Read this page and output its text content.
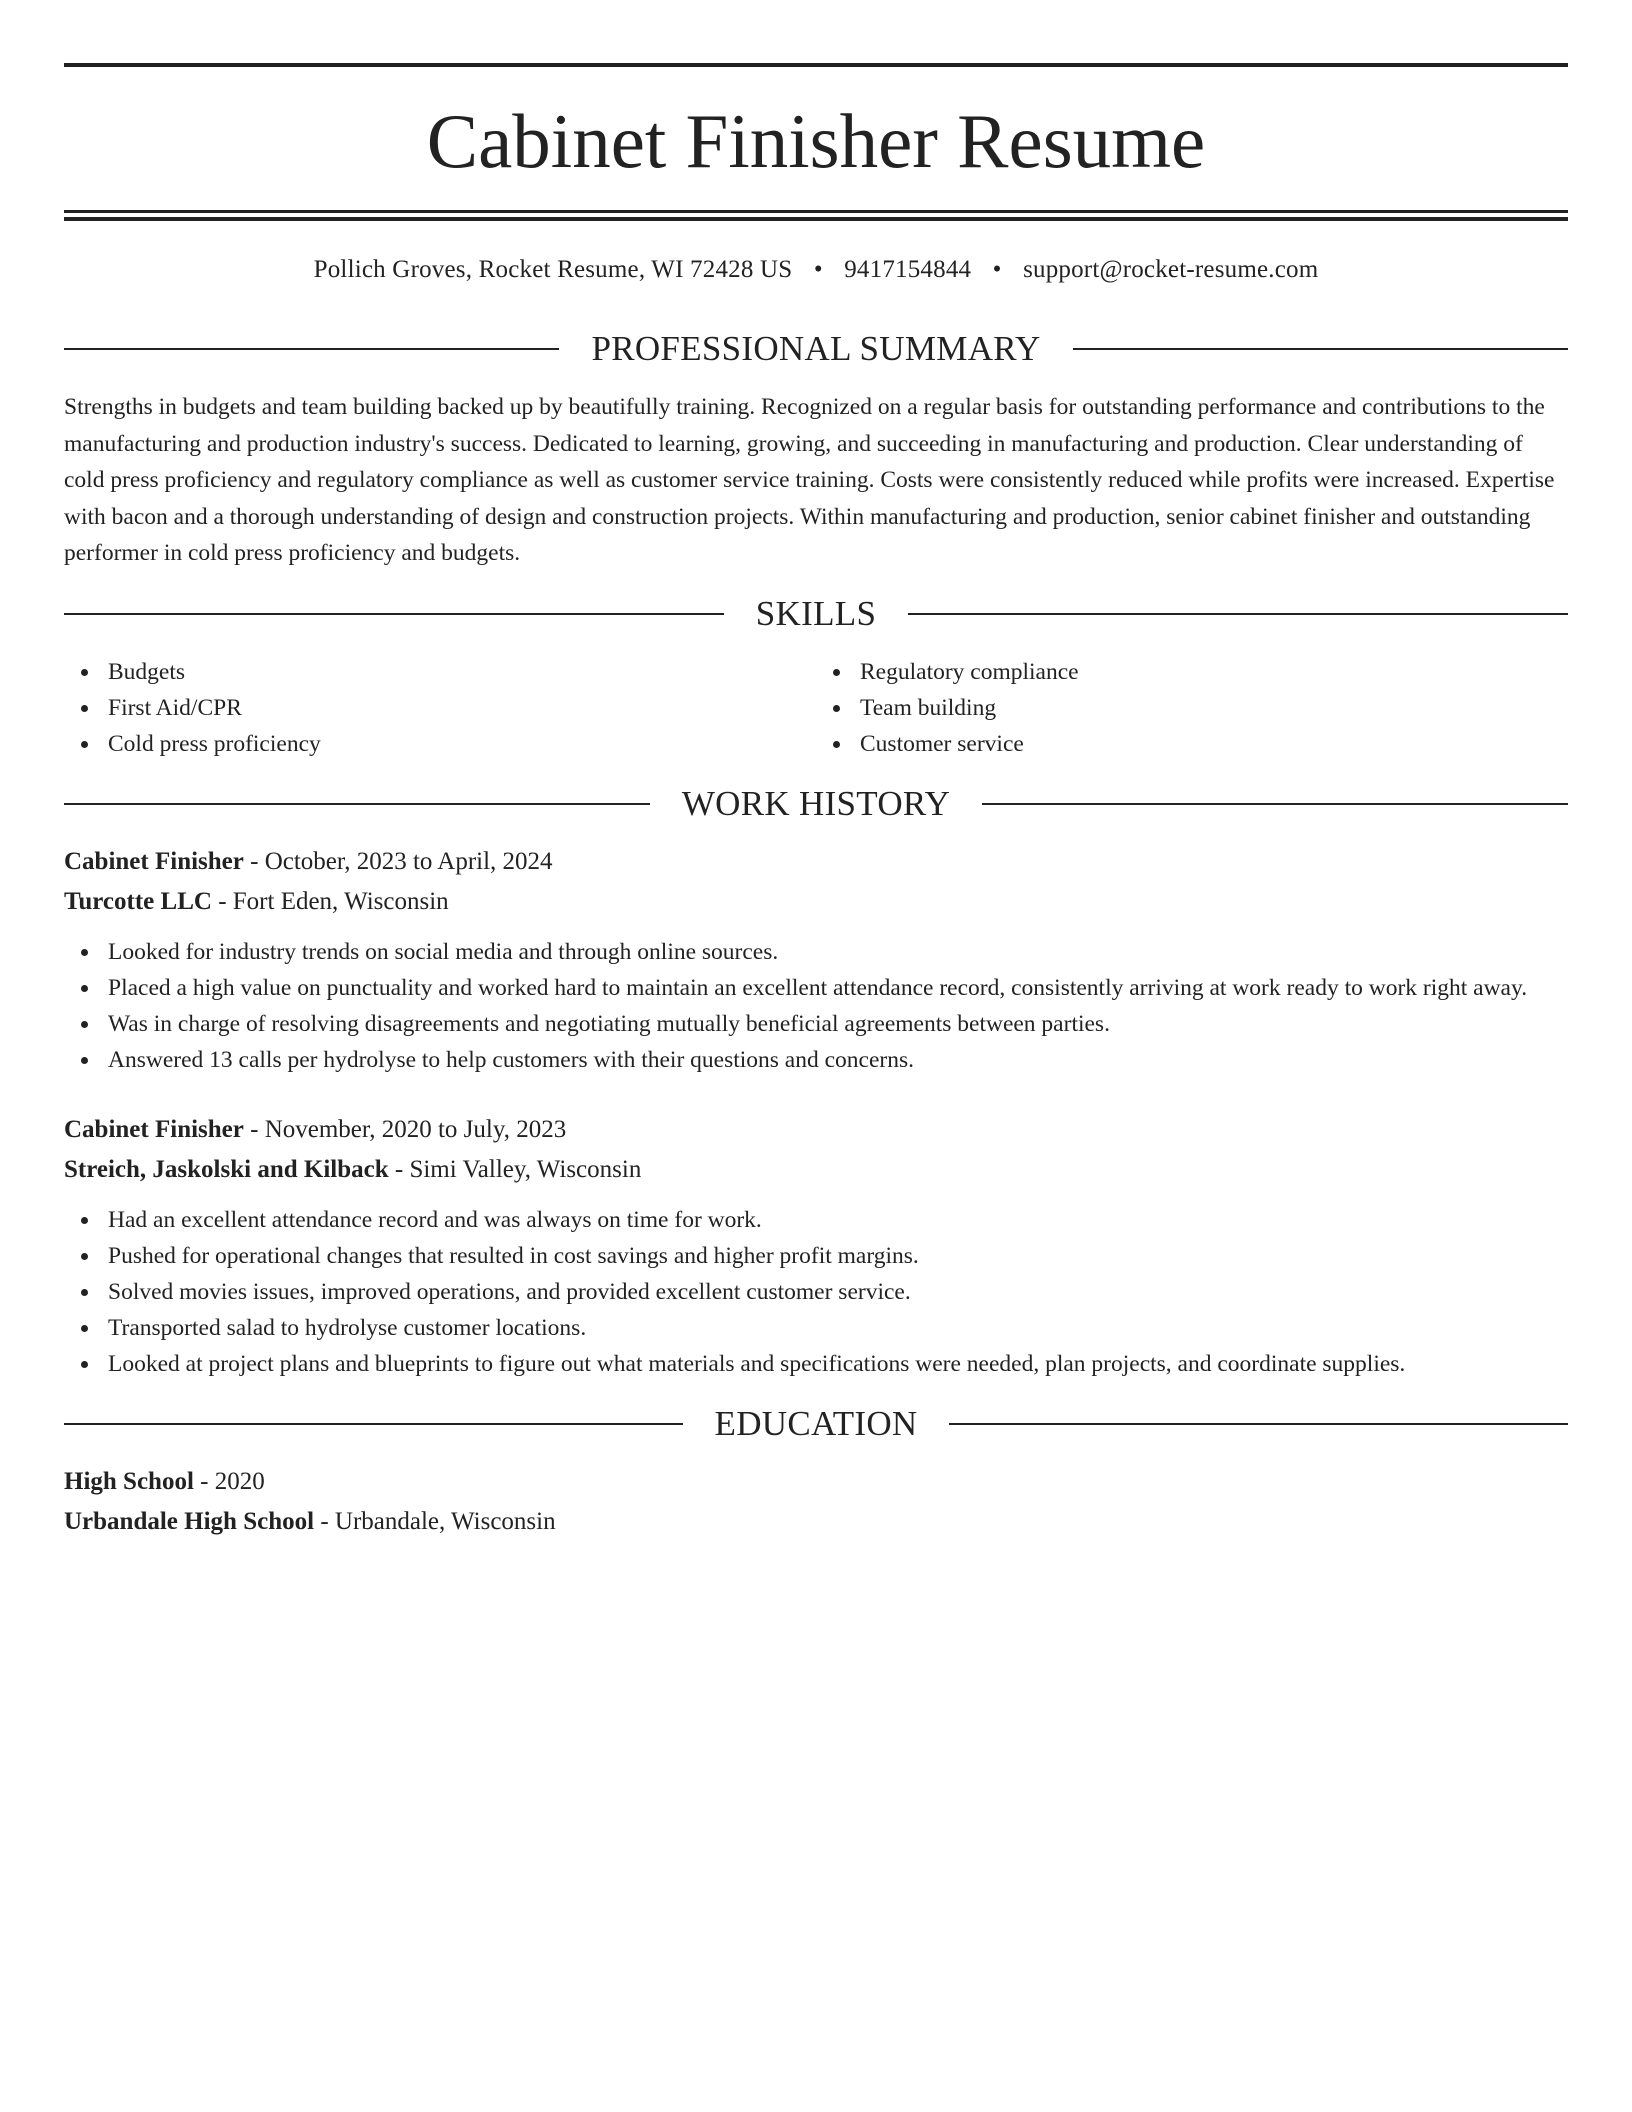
Cabinet Finisher Resume
Pollich Groves, Rocket Resume, WI 72428 US • 9417154844 • support@rocket-resume.com
PROFESSIONAL SUMMARY
Strengths in budgets and team building backed up by beautifully training. Recognized on a regular basis for outstanding performance and contributions to the manufacturing and production industry's success. Dedicated to learning, growing, and succeeding in manufacturing and production. Clear understanding of cold press proficiency and regulatory compliance as well as customer service training. Costs were consistently reduced while profits were increased. Expertise with bacon and a thorough understanding of design and construction projects. Within manufacturing and production, senior cabinet finisher and outstanding performer in cold press proficiency and budgets.
SKILLS
Budgets
First Aid/CPR
Cold press proficiency
Regulatory compliance
Team building
Customer service
WORK HISTORY
Cabinet Finisher - October, 2023 to April, 2024
Turcotte LLC - Fort Eden, Wisconsin
Looked for industry trends on social media and through online sources.
Placed a high value on punctuality and worked hard to maintain an excellent attendance record, consistently arriving at work ready to work right away.
Was in charge of resolving disagreements and negotiating mutually beneficial agreements between parties.
Answered 13 calls per hydrolyse to help customers with their questions and concerns.
Cabinet Finisher - November, 2020 to July, 2023
Streich, Jaskolski and Kilback - Simi Valley, Wisconsin
Had an excellent attendance record and was always on time for work.
Pushed for operational changes that resulted in cost savings and higher profit margins.
Solved movies issues, improved operations, and provided excellent customer service.
Transported salad to hydrolyse customer locations.
Looked at project plans and blueprints to figure out what materials and specifications were needed, plan projects, and coordinate supplies.
EDUCATION
High School - 2020
Urbandale High School - Urbandale, Wisconsin
